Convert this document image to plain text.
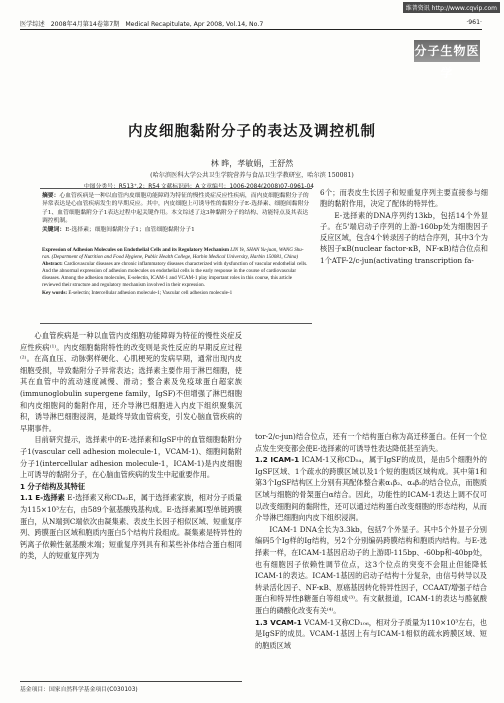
维普资讯 http://www.cqvip.com
医学综述 2008年4月第14卷第7期 Medical Recapitulate, Apr 2008, Vol.14, No.7	·961·
分子生物医学
内皮细胞黏附分子的表达及调控机制
林 晔，孝敏娟，王舒然
(哈尔滨医科大学公共卫生学院营养与食品卫生学教研室，哈尔滨 150081)
中图分类号：R513⁺.2；R54 文献标识码：A 文章编号：1006-2084(2008)07-0961-04
摘要：心血管疾病是一种以血管内皮细胞功能障碍为特征的慢性炎症反应性疾病，而内皮细胞黏附分子的异常表达是心血管疾病发生的早期反应。其中，内皮细胞上可诱导性的黏附分子E-选择素、细胞间黏附分子1、血管细胞黏附分子1表达过程中起关键作用。本文综述了这3种黏附分子的结构、功能特点及其表达调控机制。
关键词：E-选择素；细胞间黏附分子1；血管细胞黏附分子1
Expression of Adhesion Molecules on Endothelial Cells and its Regulatory Mechanism LIN Ye, SHAN Yu-juan, WANG Shu-ran. (Department of Nutrition and Food Hygiene, Public Health College, Harbin Medical University, Harbin 150081, China)
Abstract: Cardiovascular diseases are chronic inflammatory diseases characterized with dysfunction of vascular endothelial cells. And the abnormal expression of adhesion molecules on endothelial cells is the early response in the course of cardiovascular diseases. Among the adhesion molecules, E-selectin, ICAM-1 and VCAM-1 play important roles in this course, this article reviewed their structure and regulatory mechanism involved in their expression.
Key words: E-selectin; Intercellular adhesion molecule-1; Vascular cell adhesion molecule-1

6个；而表皮生长因子和短重复序列主要直接参与细胞的黏附作用，决定了配体的特异性。

E-选择素的DNA序列约13kb，包括14个外显子。在5'端启动子序列的上游-160bp处为细胞因子反应区域，包含4个转录因子的结合序列，其中3个为核因子κB(nuclear factor-κB，NF-κB)结合位点和1个ATF-2/c-jun(activating transcription fa-

心血管疾病是一种以血管内皮细胞功能障碍为特征的慢性炎症反应性疾病⁽¹⁾。内皮细胞黏附特性的改变则是炎性反应的早期反应过程⁽²⁾。在高血压、动脉粥样硬化、心肌梗死的发病早期，通常出现内皮细胞受损，导致黏附分子异常表达；选择素主要作用于淋巴细胞，使其在血管中的流动速度减慢、滑动；整合素及免疫球蛋白超家族(immunoglobulin supergene family，IgSF)不但增强了淋巴细胞和内皮细胞间的黏附作用，还介导淋巴细胞进入内皮下组织聚集沉积，诱导淋巴细胞浸润，是最终导致血管病变，引发心脑血管疾病的早期事件。

目前研究提示，选择素中的E-选择素和IgSF中的血管细胞黏附分子1(vascular cell adhesion molecule-1，VCAM-1)、细胞间黏附分子1(intercellular adhesion molecule-1，ICAM-1)是内皮细胞上可诱导的黏附分子，在心脑血管疾病的发生中起重要作用。

1 分子结构及其特征

1.1 E-选择素 E-选择素又称CD₆₂E，属于选择素家族，相对分子质量为115×10³左右，由589个氨基酸残基构成。E-选择素属Ⅰ型单链跨膜蛋白，从N端到C端依次由凝集素、表皮生长因子相似区域、短重复序列、跨膜蛋白区域和胞质内蛋白5个结构片段组成。凝集素是特异性的钙离子依赖性氨基酸末端；短重复序列具有和某些补体结合蛋白相同的类，人的短重复序列为

tor-2/c-jun)结合位点，还有一个结构蛋白称为高迁移蛋白。任何一个位点发生突变都会使E-选择素的可诱导性表达降低甚至消失。

1.2 ICAM-1 ICAM-1又称CD₅₄，属于IgSF的成员，是由5个细胞外的IgSF区域、1个疏水的跨膜区域以及1个短的胞质区域构成。其中第1和第3个IgSF结构区上分别有其配体整合素α₁β₂、α₄β₂的结合位点，而胞质区域与细胞的骨架蛋白α结合。因此，功能性的ICAM-1表达上调不仅可以改变细胞间的黏附性，还可以通过结构蛋白改变细胞的形态结构，从而介导淋巴细胞向内皮下组织浸润。

ICAM-1 DNA全长为3.3kb，包括7个外显子。其中5个外显子分别编码5个Ig样的Ig结构，另2个分别编码跨膜结构和胞质内结构。与E-选择素一样，在ICAM-1基因启动子的上游即-115bp、-60bp和-40bp处，也有细胞因子依赖性调节位点，这3个位点的突变不会阻止但能降低ICAM-1的表达。ICAM-1基因的启动子结构十分复杂，由信号转导以及转录活化因子、NF-κB、原癌基因转化特异性因子，CCAAT/增强子结合蛋白和特异性β糖蛋白等组成⁽³⁾。有文献报道，ICAM-1的表达与酪氨酸蛋白的磷酸化改变有关⁽⁴⁾。

1.3 VCAM-1 VCAM-1又称CD₁₀₆，相对分子质量为110×10³左右，也是IgSF的成员。VCAM-1基因上有与ICAM-1相似的疏水跨膜区域、短的胞质区域

基金项目：国家自然科学基金项目(C030103)
